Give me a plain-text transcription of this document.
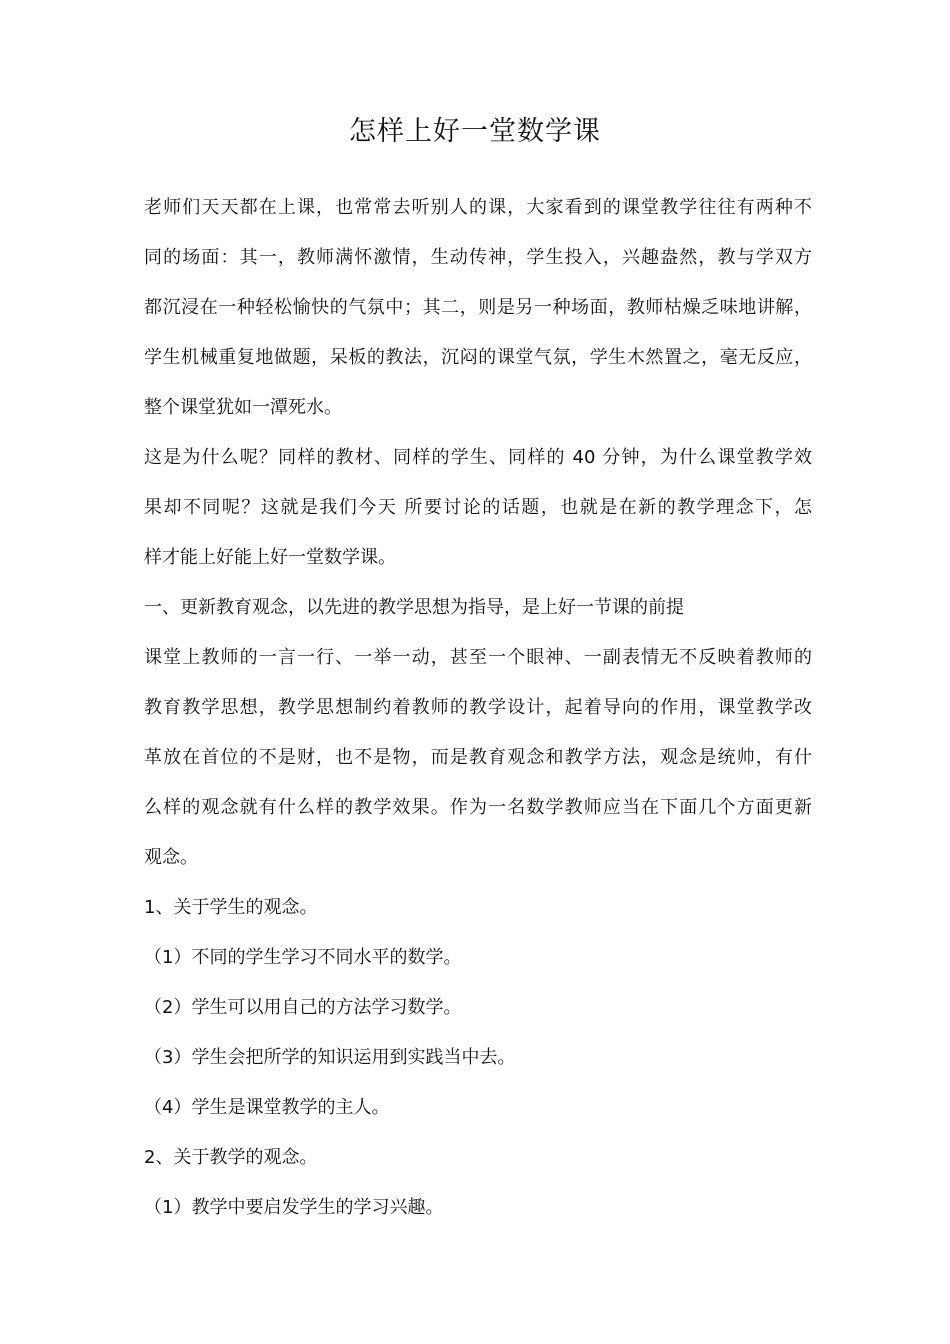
怎样上好一堂数学课
老师们天天都在上课，也常常去听别人的课，大家看到的课堂教学往往有两种不
同的场面：其一，教师满怀激情，生动传神，学生投入，兴趣盎然，教与学双方
都沉浸在一种轻松愉快的气氛中；其二，则是另一种场面，教师枯燥乏味地讲解，
学生机械重复地做题，呆板的教法，沉闷的课堂气氛，学生木然置之，毫无反应，
整个课堂犹如一潭死水。
这是为什么呢？同样的教材、同样的学生、同样的 40 分钟，为什么课堂教学效
果却不同呢？这就是我们今天 所要讨论的话题，也就是在新的教学理念下，怎
样才能上好能上好一堂数学课。
一、更新教育观念，以先进的教学思想为指导，是上好一节课的前提
课堂上教师的一言一行、一举一动，甚至一个眼神、一副表情无不反映着教师的
教育教学思想，教学思想制约着教师的教学设计，起着导向的作用，课堂教学改
革放在首位的不是财，也不是物，而是教育观念和教学方法，观念是统帅，有什
么样的观念就有什么样的教学效果。作为一名数学教师应当在下面几个方面更新
观念。
1、关于学生的观念。
（1）不同的学生学习不同水平的数学。
（2）学生可以用自己的方法学习数学。
（3）学生会把所学的知识运用到实践当中去。
（4）学生是课堂教学的主人。
2、关于教学的观念。
（1）教学中要启发学生的学习兴趣。
